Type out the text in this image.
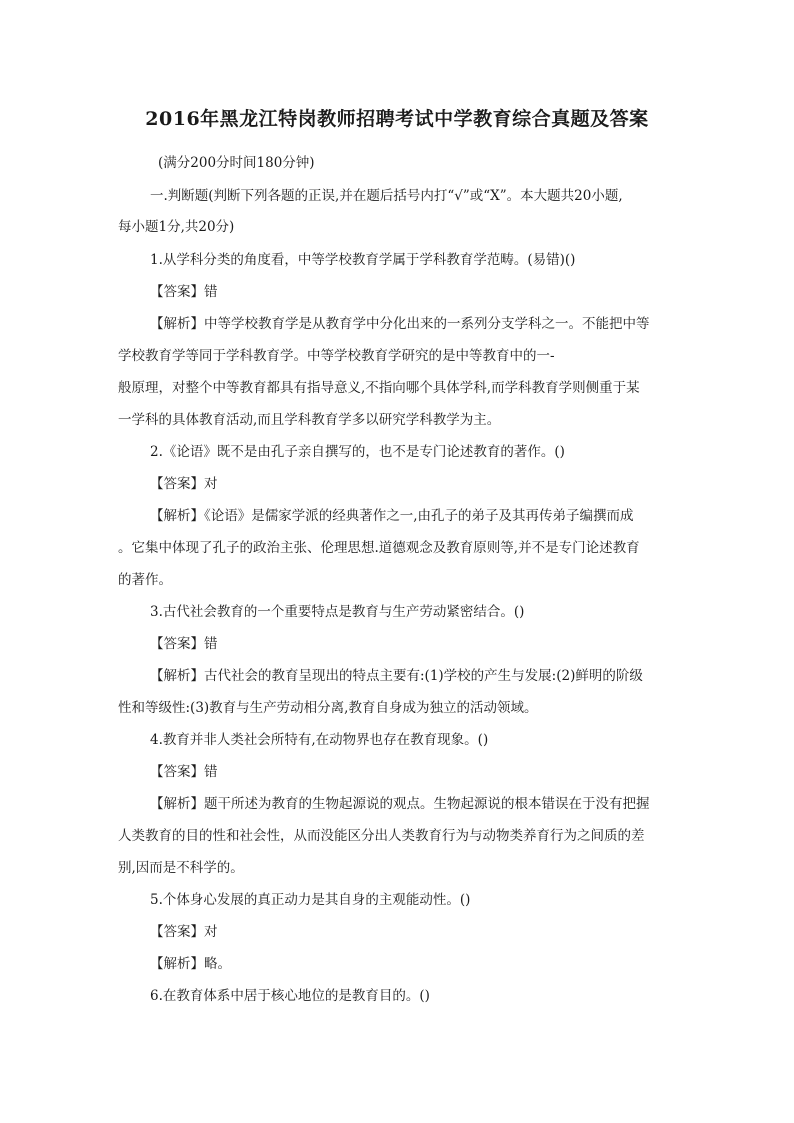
2016年黑龙江特岗教师招聘考试中学教育综合真题及答案
(满分200分时间180分钟)
一.判断题(判断下列各题的正误,并在题后括号内打“√”或“X”。本大题共20小题,
每小题1分,共20分)
1.从学科分类的角度看，中等学校教育学属于学科教育学范畴。(易错)()
【答案】错
【解析】中等学校教育学是从教育学中分化出来的一系列分支学科之一。不能把中等
学校教育学等同于学科教育学。中等学校教育学研究的是中等教育中的一-
般原理，对整个中等教育都具有指导意义,不指向哪个具体学科,而学科教育学则侧重于某
一学科的具体教育活动,而且学科教育学多以研究学科教学为主。
2.《论语》既不是由孔子亲自撰写的，也不是专门论述教育的著作。()
【答案】对
【解析】《论语》是儒家学派的经典著作之一,由孔子的弟子及其再传弟子编撰而成
。它集中体现了孔子的政治主张、伦理思想.道德观念及教育原则等,并不是专门论述教育
的著作。
3.古代社会教育的一个重要特点是教育与生产劳动紧密结合。()
【答案】错
【解析】古代社会的教育呈现出的特点主要有:(1)学校的产生与发展:(2)鲜明的阶级
性和等级性:(3)教育与生产劳动相分离,教育自身成为独立的活动领域。
4.教育并非人类社会所特有,在动物界也存在教育现象。()
【答案】错
【解析】题干所述为教育的生物起源说的观点。生物起源说的根本错误在于没有把握
人类教育的目的性和社会性，从而没能区分出人类教育行为与动物类养育行为之间质的差
别,因而是不科学的。
5.个体身心发展的真正动力是其自身的主观能动性。()
【答案】对
【解析】略。
6.在教育体系中居于核心地位的是教育目的。()
